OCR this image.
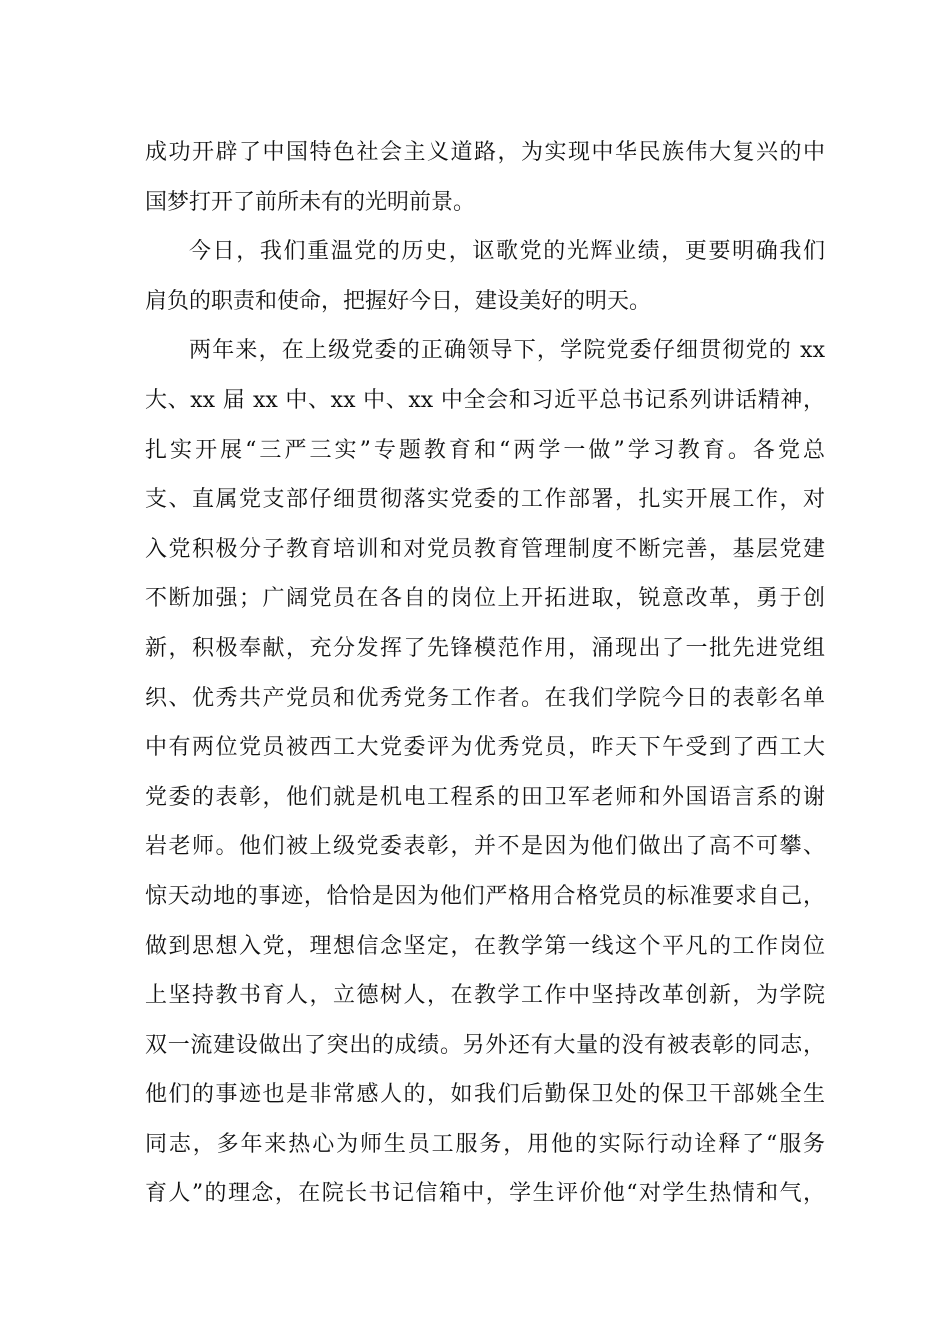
成功开辟了中国特色社会主义道路，为实现中华民族伟大复兴的中
国梦打开了前所未有的光明前景。
今日，我们重温党的历史，讴歌党的光辉业绩，更要明确我们
肩负的职责和使命，把握好今日，建设美好的明天。
两年来，在上级党委的正确领导下，学院党委仔细贯彻党的 xx
大、xx 届 xx 中、xx 中、xx 中全会和习近平总书记系列讲话精神，
扎实开展“三严三实”专题教育和“两学一做”学习教育。各党总
支、直属党支部仔细贯彻落实党委的工作部署，扎实开展工作，对
入党积极分子教育培训和对党员教育管理制度不断完善，基层党建
不断加强；广阔党员在各自的岗位上开拓进取，锐意改革，勇于创
新，积极奉献，充分发挥了先锋模范作用，涌现出了一批先进党组
织、优秀共产党员和优秀党务工作者。在我们学院今日的表彰名单
中有两位党员被西工大党委评为优秀党员，昨天下午受到了西工大
党委的表彰，他们就是机电工程系的田卫军老师和外国语言系的谢
岩老师。他们被上级党委表彰，并不是因为他们做出了高不可攀、
惊天动地的事迹，恰恰是因为他们严格用合格党员的标准要求自己，
做到思想入党，理想信念坚定，在教学第一线这个平凡的工作岗位
上坚持教书育人，立德树人，在教学工作中坚持改革创新，为学院
双一流建设做出了突出的成绩。另外还有大量的没有被表彰的同志，
他们的事迹也是非常感人的，如我们后勤保卫处的保卫干部姚全生
同志，多年来热心为师生员工服务，用他的实际行动诠释了“服务
育人”的理念，在院长书记信箱中，学生评价他“对学生热情和气，
